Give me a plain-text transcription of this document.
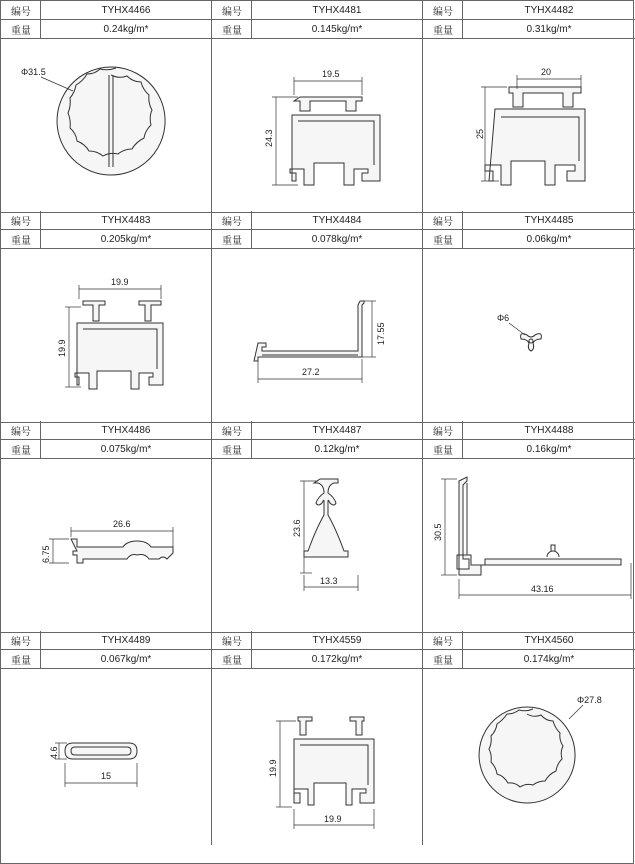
编号	TYHX4466
重量	0.24kg/m*
Φ31.5
编号	TYHX4481
重量	0.145kg/m*
19.5
24.3
编号	TYHX4482
重量	0.31kg/m*
20
25
编号	TYHX4483
重量	0.205kg/m*
19.9
19.9
编号	TYHX4484
重量	0.078kg/m*
17.55
27.2
编号	TYHX4485
重量	0.06kg/m*
Φ6
编号	TYHX4486
重量	0.075kg/m*
26.6
6.75
编号	TYHX4487
重量	0.12kg/m*
23.6
13.3
编号	TYHX4488
重量	0.16kg/m*
30.5
43.16
编号	TYHX4489
重量	0.067kg/m*
4.6
15
编号	TYHX4559
重量	0.172kg/m*
19.9
19.9
编号	TYHX4560
重量	0.174kg/m*
Φ27.8
